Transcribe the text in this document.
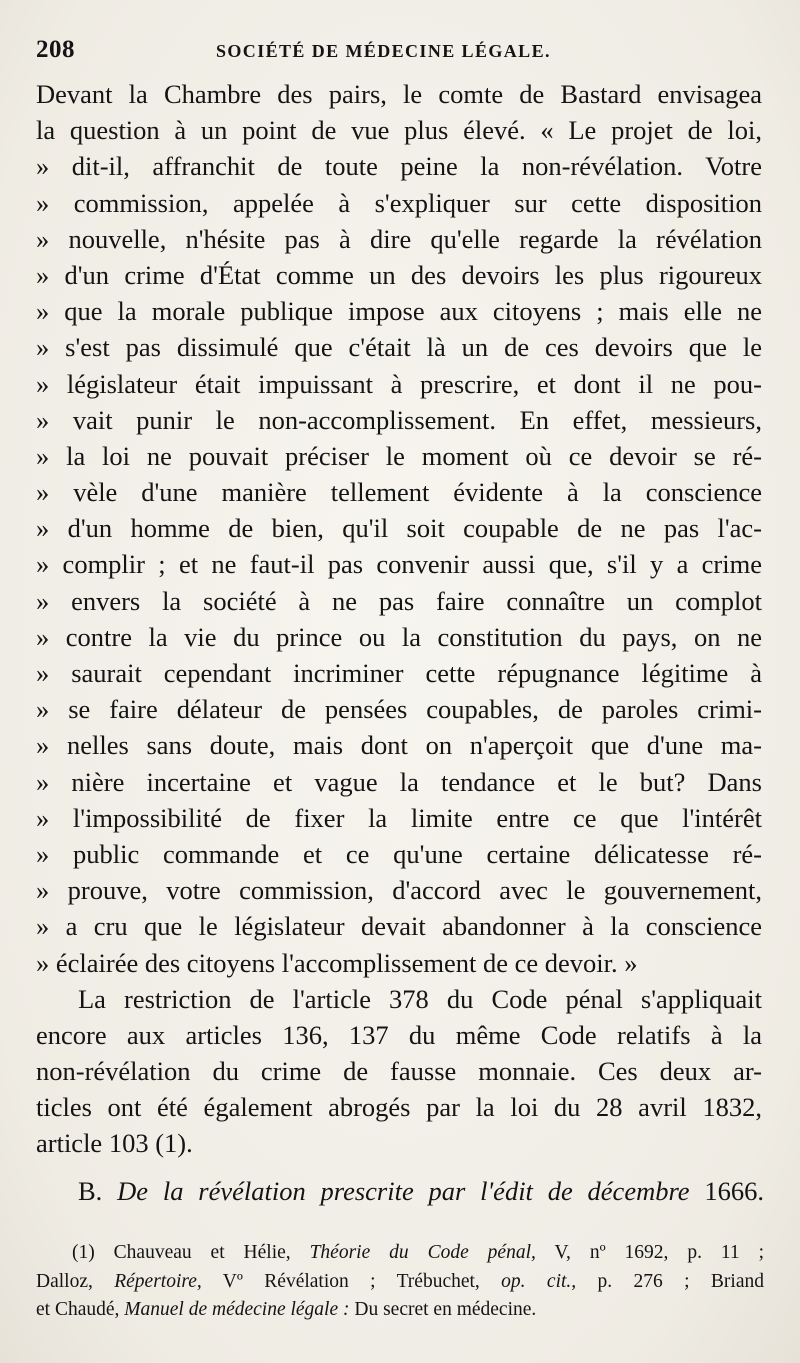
208	SOCIÉTÉ DE MÉDECINE LÉGALE.
Devant la Chambre des pairs, le comte de Bastard envisagea
la question à un point de vue plus élevé. « Le projet de loi,
» dit-il, affranchit de toute peine la non-révélation. Votre
» commission, appelée à s'expliquer sur cette disposition
» nouvelle, n'hésite pas à dire qu'elle regarde la révélation
» d'un crime d'État comme un des devoirs les plus rigoureux
» que la morale publique impose aux citoyens ; mais elle ne
» s'est pas dissimulé que c'était là un de ces devoirs que le
» législateur était impuissant à prescrire, et dont il ne pou-
» vait punir le non-accomplissement. En effet, messieurs,
» la loi ne pouvait préciser le moment où ce devoir se ré-
» vèle d'une manière tellement évidente à la conscience
» d'un homme de bien, qu'il soit coupable de ne pas l'ac-
» complir ; et ne faut-il pas convenir aussi que, s'il y a crime
» envers la société à ne pas faire connaître un complot
» contre la vie du prince ou la constitution du pays, on ne
» saurait cependant incriminer cette répugnance légitime à
» se faire délateur de pensées coupables, de paroles crimi-
» nelles sans doute, mais dont on n'aperçoit que d'une ma-
» nière incertaine et vague la tendance et le but? Dans
» l'impossibilité de fixer la limite entre ce que l'intérêt
» public commande et ce qu'une certaine délicatesse ré-
» prouve, votre commission, d'accord avec le gouvernement,
» a cru que le législateur devait abandonner à la conscience
» éclairée des citoyens l'accomplissement de ce devoir. »
La restriction de l'article 378 du Code pénal s'appliquait
encore aux articles 136, 137 du même Code relatifs à la
non-révélation du crime de fausse monnaie. Ces deux ar-
ticles ont été également abrogés par la loi du 28 avril 1832,
article 103 (1).
B. De la révélation prescrite par l'édit de décembre 1666.
(1) Chauveau et Hélie, Théorie du Code pénal, V, nº 1692, p. 11 ;
Dalloz, Répertoire, Vº Révélation ; Trébuchet, op. cit., p. 276 ; Briand
et Chaudé, Manuel de médecine légale : Du secret en médecine.
